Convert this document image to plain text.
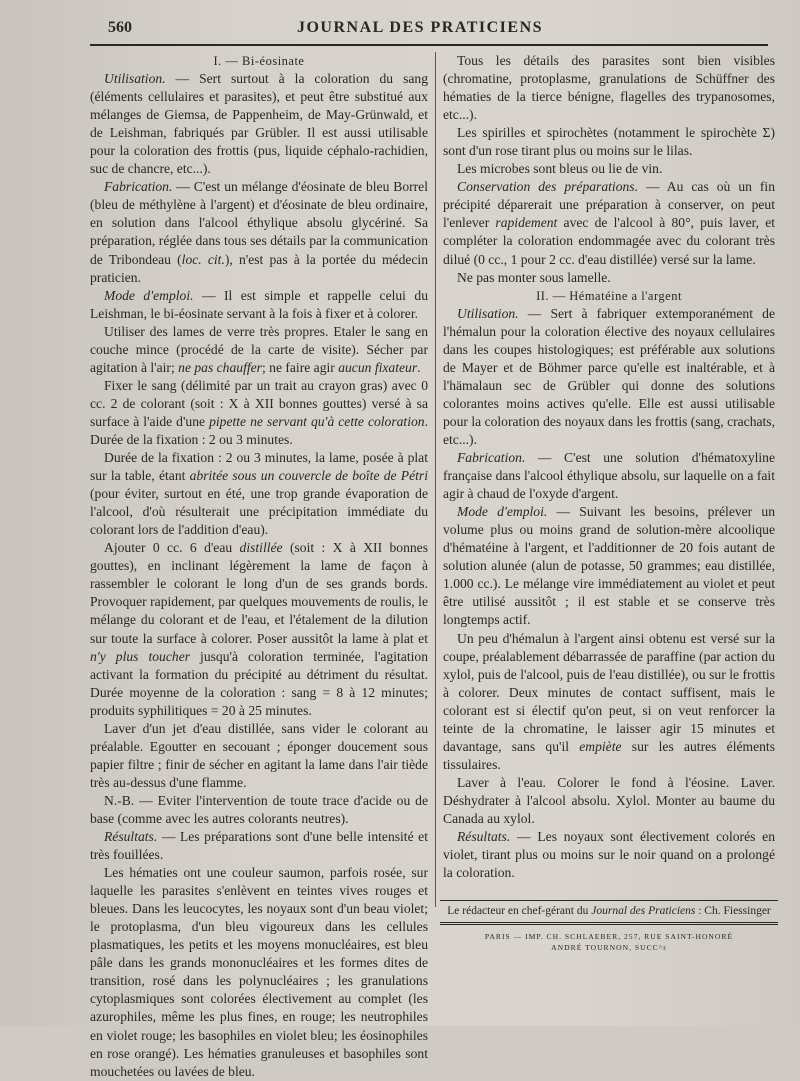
560	JOURNAL DES PRATICIENS

I. — Bi-éosinate

Utilisation. — Sert surtout à la coloration du sang (éléments cellulaires et parasites), et peut être substitué aux mélanges de Giemsa, de Pappenheim, de May-Grünwald, et de Leishman, fabriqués par Grübler. Il est aussi utilisable pour la coloration des frottis (pus, liquide céphalo-rachidien, suc de chancre, etc...).

Fabrication. — C'est un mélange d'éosinate de bleu Borrel (bleu de méthylène à l'argent) et d'éosinate de bleu ordinaire, en solution dans l'alcool éthylique absolu glycériné. Sa préparation, réglée dans tous ses détails par la communication de Tribondeau (loc. cit.), n'est pas à la portée du médecin praticien.

Mode d'emploi. — Il est simple et rappelle celui du Leishman, le bi-éosinate servant à la fois à fixer et à colorer.

Utiliser des lames de verre très propres. Etaler le sang en couche mince (procédé de la carte de visite). Sécher par agitation à l'air; ne pas chauffer; ne faire agir aucun fixateur.

Fixer le sang (délimité par un trait au crayon gras) avec 0 cc. 2 de colorant (soit : X à XII bonnes gouttes) versé à sa surface à l'aide d'une pipette ne servant qu'à cette coloration. Durée de la fixation : 2 ou 3 minutes.

Durée de la fixation : 2 ou 3 minutes, la lame, posée à plat sur la table, étant abritée sous un couvercle de boîte de Pétri (pour éviter, surtout en été, une trop grande évaporation de l'alcool, d'où résulterait une précipitation immédiate du colorant lors de l'addition d'eau).

Ajouter 0 cc. 6 d'eau distillée (soit : X à XII bonnes gouttes), en inclinant légèrement la lame de façon à rassembler le colorant le long d'un de ses grands bords. Provoquer rapidement, par quelques mouvements de roulis, le mélange du colorant et de l'eau, et l'étalement de la dilution sur toute la surface à colorer. Poser aussitôt la lame à plat et n'y plus toucher jusqu'à coloration terminée, l'agitation activant la formation du précipité au détriment du résultat. Durée moyenne de la coloration : sang = 8 à 12 minutes; produits syphilitiques = 20 à 25 minutes.

Laver d'un jet d'eau distillée, sans vider le colorant au préalable. Egoutter en secouant ; éponger doucement sous papier filtre ; finir de sécher en agitant la lame dans l'air tiède très au-dessus d'une flamme.

N.-B. — Eviter l'intervention de toute trace d'acide ou de base (comme avec les autres colorants neutres).

Résultats. — Les préparations sont d'une belle intensité et très fouillées.

Les hématies ont une couleur saumon, parfois rosée, sur laquelle les parasites s'enlèvent en teintes vives rouges et bleues. Dans les leucocytes, les noyaux sont d'un beau violet; le protoplasma, d'un bleu vigoureux dans les cellules plasmatiques, les petits et les moyens monucléaires, est bleu pâle dans les grands mononucléaires et les formes dites de transition, rosé dans les polynucléaires ; les granulations cytoplasmiques sont colorées électivement au complet (les azurophiles, même les plus fines, en rouge; les neutrophiles en violet rouge; les basophiles en violet bleu; les éosinophiles en rose orangé). Les hématies granuleuses et basophiles sont mouchetées ou lavées de bleu.

Tous les détails des parasites sont bien visibles (chromatine, protoplasme, granulations de Schüffner des hématies de la tierce bénigne, flagelles des trypanosomes, etc...).

Les spirilles et spirochètes (notamment le spirochète Σ) sont d'un rose tirant plus ou moins sur le lilas.

Les microbes sont bleus ou lie de vin.

Conservation des préparations. — Au cas où un fin précipité déparerait une préparation à conserver, on peut l'enlever rapidement avec de l'alcool à 80°, puis laver, et compléter la coloration endommagée avec du colorant très dilué (0 cc., 1 pour 2 cc. d'eau distillée) versé sur la lame.

Ne pas monter sous lamelle.

II. — Hématéine a l'argent

Utilisation. — Sert à fabriquer extemporanément de l'hémalun pour la coloration élective des noyaux cellulaires dans les coupes histologiques; est préférable aux solutions de Mayer et de Böhmer parce qu'elle est inaltérable, et à l'hämalaun sec de Grübler qui donne des solutions colorantes moins actives qu'elle. Elle est aussi utilisable pour la coloration des noyaux dans les frottis (sang, crachats, etc...).

Fabrication. — C'est une solution d'hématoxyline française dans l'alcool éthylique absolu, sur laquelle on a fait agir à chaud de l'oxyde d'argent.

Mode d'emploi. — Suivant les besoins, prélever un volume plus ou moins grand de solution-mère alcoolique d'hématéine à l'argent, et l'additionner de 20 fois autant de solution alunée (alun de potasse, 50 grammes; eau distillée, 1.000 cc.). Le mélange vire immédiatement au violet et peut être utilisé aussitôt ; il est stable et se conserve très longtemps actif.

Un peu d'hémalun à l'argent ainsi obtenu est versé sur la coupe, préalablement débarrassée de paraffine (par action du xylol, puis de l'alcool, puis de l'eau distillée), ou sur le frottis à colorer. Deux minutes de contact suffisent, mais le colorant est si électif qu'on peut, si on veut renforcer la teinte de la chromatine, le laisser agir 15 minutes et davantage, sans qu'il empiète sur les autres éléments tissulaires.

Laver à l'eau. Colorer le fond à l'éosine. Laver. Déshydrater à l'alcool absolu. Xylol. Monter au baume du Canada au xylol.

Résultats. — Les noyaux sont électivement colorés en violet, tirant plus ou moins sur le noir quand on a prolongé la coloration.

Le rédacteur en chef-gérant du Journal des Praticiens : Ch. Fiessinger
PARIS — IMP. CH. SCHLAEBER, 257, RUE SAINT-HONORÉ
ANDRÉ TOURNON, SUCC^r
